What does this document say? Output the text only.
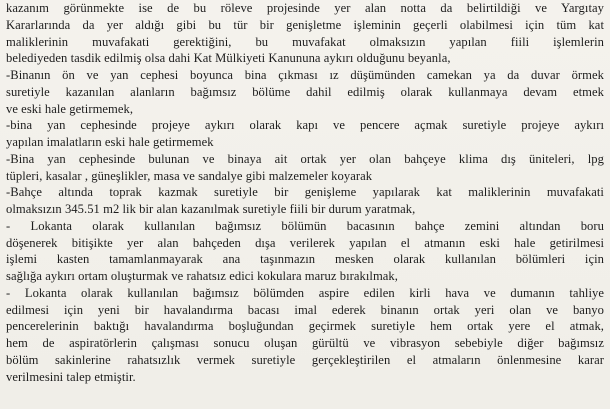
kazanım görünmekte ise de bu röleve projesinde yer alan notta da belirtildiği ve Yargıtay
Kararlarında da yer aldığı gibi bu tür bir genişletme işleminin geçerli olabilmesi için tüm kat
maliklerinin muvafakati gerektiğini, bu muvafakat olmaksızın yapılan fiili işlemlerin
belediyeden tasdik edilmiş olsa dahi Kat Mülkiyeti Kanununa aykırı olduğunu beyanla,
-Binanın ön ve yan cephesi boyunca bina çıkması ız düşümünden camekan ya da duvar örmek
suretiyle kazanılan alanların bağımsız bölüme dahil edilmiş olarak kullanmaya devam etmek
ve eski hale getirmemek,
-bina yan cephesinde projeye aykırı olarak kapı ve pencere açmak suretiyle projeye aykırı
yapılan imalatların eski hale getirmemek
-Bina yan cephesinde bulunan ve binaya ait ortak yer olan bahçeye klima dış üniteleri, lpg
tüpleri, kasalar , güneşlikler, masa ve sandalye gibi malzemeler koyarak
-Bahçe altında toprak kazmak suretiyle bir genişleme yapılarak kat maliklerinin muvafakati
olmaksızın 345.51 m2 lik bir alan kazanılmak suretiyle fiili bir durum yaratmak,
- Lokanta olarak kullanılan bağımsız bölümün bacasının bahçe zemini altından boru
döşenerek bitişikte yer alan bahçeden dışa verilerek yapılan el atmanın eski hale getirilmesi
işlemi kasten tamamlanmayarak ana taşınmazın mesken olarak kullanılan bölümleri için
sağlığa aykırı ortam oluşturmak ve rahatsız edici kokulara maruz bırakılmak,
- Lokanta olarak kullanılan bağımsız bölümden aspire edilen kirli hava ve dumanın tahliye
edilmesi için yeni bir havalandırma bacası imal ederek binanın ortak yeri olan ve banyo
pencerelerinin baktığı havalandırma boşluğundan geçirmek suretiyle hem ortak yere el atmak,
hem de aspiratörlerin çalışması sonucu oluşan gürültü ve vibrasyon sebebiyle diğer bağımsız
bölüm sakinlerine rahatsızlık vermek suretiyle gerçekleştirilen el atmaların önlenmesine karar
verilmesini talep etmiştir.
